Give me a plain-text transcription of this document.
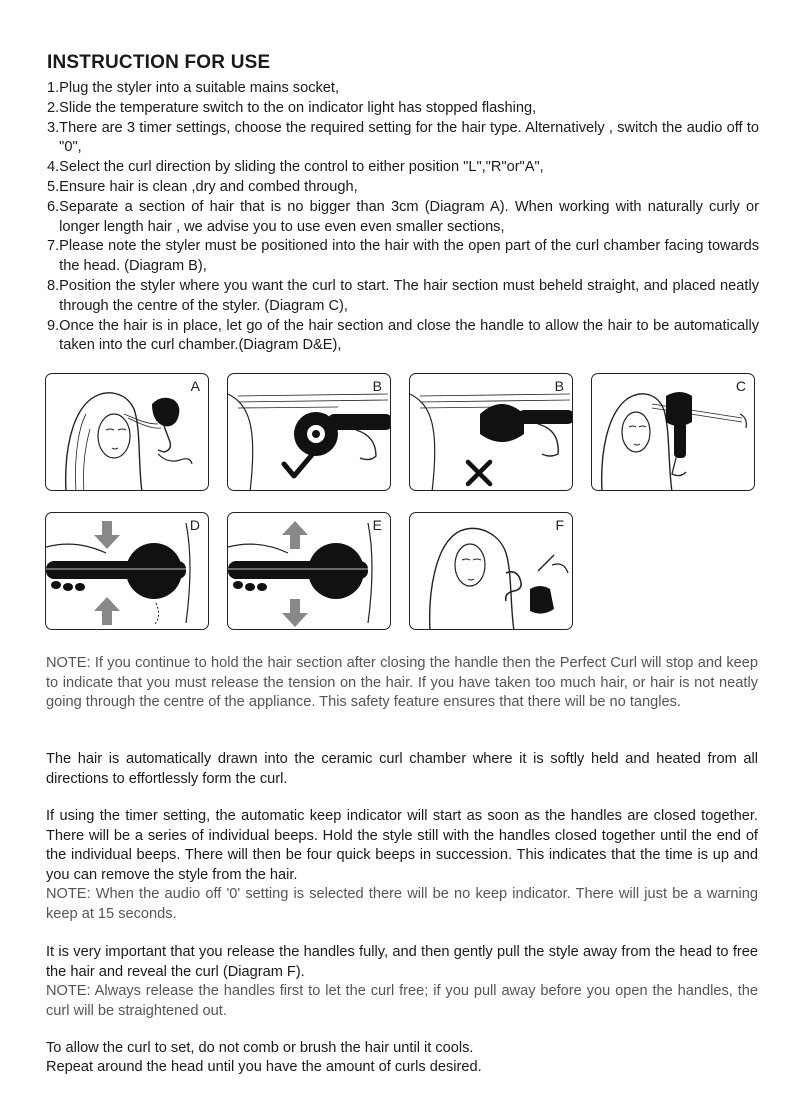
INSTRUCTION FOR USE
1. Plug the styler into a suitable mains socket,
2. Slide the temperature switch to the on indicator light has stopped flashing,
3. There are 3 timer settings, choose the required setting for the hair type. Alternatively , switch the audio off to "0",
4. Select the curl direction by sliding the control to either position "L","R"or"A",
5. Ensure hair is clean ,dry and combed through,
6. Separate a section of hair that is no bigger than 3cm (Diagram A). When working with naturally curly or longer length hair , we advise you to use even even smaller sections,
7. Please note the styler must be positioned into the hair with the open part of the curl chamber facing towards the head. (Diagram B),
8. Position the styler where you want the curl to start. The hair section must beheld straight, and placed neatly through the centre of the styler. (Diagram C),
9. Once the hair is in place, let go of the hair section and close the handle to allow the hair to be automatically taken into the curl chamber.(Diagram D&E),
A	B	B	C
D	E	F

NOTE: If you continue to hold the hair section after closing the handle then the Perfect Curl will stop and keep to indicate that you must release the tension on the hair. If you have taken too much hair, or hair is not neatly going through the centre of the appliance. This safety feature ensures that there will be no tangles.

The hair is automatically drawn into the ceramic curl chamber where it is softly held and heated from all directions to effortlessly form the curl.

If using the timer setting, the automatic keep indicator will start as soon as the handles are closed together. There will be a series of individual beeps. Hold the style still with the handles closed together until the end of the individual beeps. There will then be four quick beeps in succession. This indicates that the time is up and you can remove the style from the hair.

NOTE: When the audio off '0' setting is selected there will be no keep indicator. There will just be a warning keep at 15 seconds.

It is very important that you release the handles fully, and then gently pull the style away from the head to free the hair and reveal the curl (Diagram F).

NOTE: Always release the handles first to let the curl free; if you pull away before you open the handles, the curl will be straightened out.

To allow the curl to set, do not comb or brush the hair until it cools.

Repeat around the head until you have the amount of curls desired.
